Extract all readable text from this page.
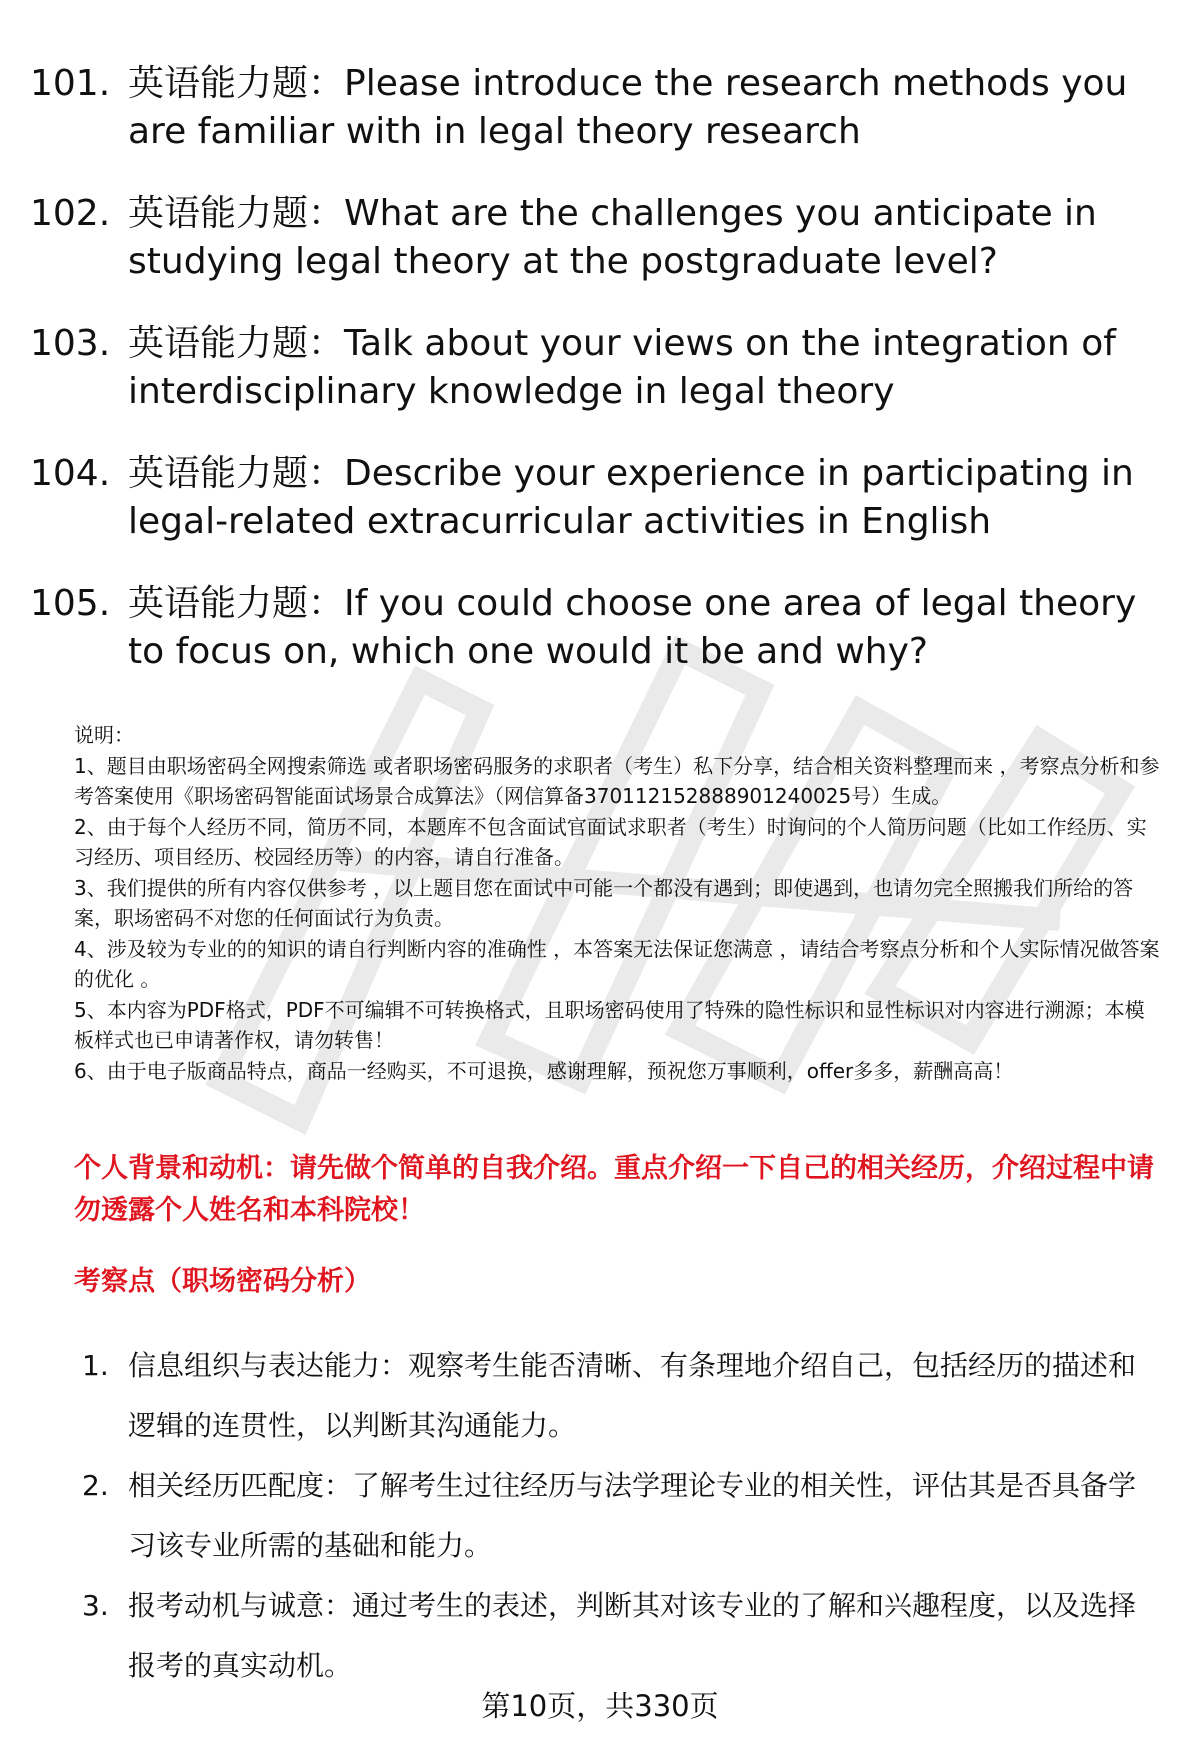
101. 英语能力题：Please introduce the research methods you are familiar with in legal theory research
102. 英语能力题：What are the challenges you anticipate in studying legal theory at the postgraduate level?
103. 英语能力题：Talk about your views on the integration of interdisciplinary knowledge in legal theory
104. 英语能力题：Describe your experience in participating in legal-related extracurricular activities in English
105. 英语能力题：If you could choose one area of legal theory to focus on, which one would it be and why?

说明：

1、题目由职场密码全网搜索筛选 或者职场密码服务的求职者（考生）私下分享，结合相关资料整理而来 ，考察点分析和参考答案使用《职场密码智能面试场景合成算法》（网信算备370112152888901240025号）生成。

2、由于每个人经历不同，简历不同，本题库不包含面试官面试求职者（考生）时询问的个人简历问题（比如工作经历、实习经历、项目经历、校园经历等）的内容，请自行准备。

3、我们提供的所有内容仅供参考 ，以上题目您在面试中可能一个都没有遇到；即使遇到，也请勿完全照搬我们所给的答案，职场密码不对您的任何面试行为负责。

4、涉及较为专业的的知识的请自行判断内容的准确性 ，本答案无法保证您满意 ，请结合考察点分析和个人实际情况做答案的优化 。

5、本内容为PDF格式，PDF不可编辑不可转换格式，且职场密码使用了特殊的隐性标识和显性标识对内容进行溯源；本模板样式也已申请著作权，请勿转售！

6、由于电子版商品特点，商品一经购买，不可退换，感谢理解，预祝您万事顺利，offer多多，薪酬高高！

个人背景和动机：请先做个简单的自我介绍。重点介绍一下自己的相关经历，介绍过程中请勿透露个人姓名和本科院校！
考察点（职场密码分析）
1. 信息组织与表达能力：观察考生能否清晰、有条理地介绍自己，包括经历的描述和逻辑的连贯性，以判断其沟通能力。
2. 相关经历匹配度：了解考生过往经历与法学理论专业的相关性，评估其是否具备学习该专业所需的基础和能力。
3. 报考动机与诚意：通过考生的表述，判断其对该专业的了解和兴趣程度，以及选择报考的真实动机。
第10页，共330页
